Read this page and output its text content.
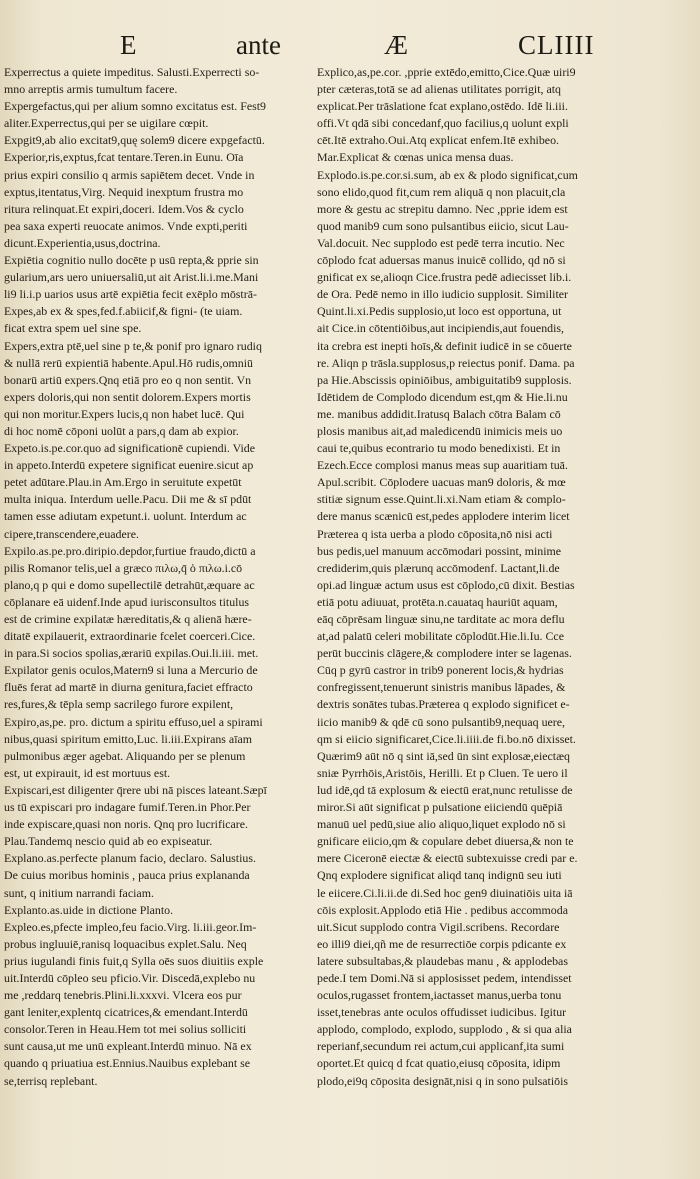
E	ante	Æ	CLIIII
Experrectus a quiete impeditus. Salusti.Experrecti so-
mno arreptis armis tumultum facere.
Expergefactus,qui per alium somno excitatus est. Fest9
aliter.Experrectus,qui per se uigilare cœpit.
Expgit9,ab alio excitat9,quę solem9 dicere expgefactū.
Experior,ris,exptus,fcat tentare.Teren.in Eunu. Oīa
prius expiri consilio q armis sapiētem decet. Vnde in
exptus,itentatus,Virg. Nequid inexptum frustra mo
ritura relinquat.Et expiri,doceri. Idem.Vos & cyclo
pea saxa experti reuocate animos. Vnde expti,periti
dicunt.Experientia,usus,doctrina.
Expiētia cognitio nullo docēte p usū repta,& pprie sin
gularium,ars uero uniuersaliū,ut ait Arist.li.i.me.Mani
li9 li.i.p uarios usus artē expiētia fecit exēplo mōstrā-
Expes,ab ex & spes,fed.f.abiicif,& figni- (te uiam.
ficat extra spem uel sine spe.
Expers,extra ptē,uel sine p te,& ponif pro ignaro rudiq
& nullā rerū expientiā habente.Apul.Hō rudis,omniū
bonarū artiū expers.Qnq etiā pro eo q non sentit. Vn
expers doloris,qui non sentit dolorem.Expers mortis
qui non moritur.Expers lucis,q non habet lucē. Qui
di hoc nomē cōponi uolūt a pars,q dam ab expior.
Expeto.is.pe.cor.quo ad significationē cupiendi. Vide
in appeto.Interdū expetere significat euenire.sicut ap
petet adūtare.Plau.in Am.Ergo in seruitute expetūt
multa iniqua. Interdum uelle.Pacu. Dii me & sī pdūt
tamen esse adiutam expetunt.i. uolunt. Interdum ac
cipere,transcendere,euadere.
Expilo.as.pe.pro.diripio.depdor,furtiue fraudo,dictū a
pilis Romanor telis,uel a græco πιλω,q̄ ὁ πιλω.i.cō
plano,q p qui e domo supellectilē detrahūt,æquare ac
cōplanare eā uidenf.Inde apud iurisconsultos titulus
est de crimine expilatæ hæreditatis,& q alienā hære-
ditatē expilauerit, extraordinarie fcelet coerceri.Cice.
in para.Si socios spolias,ærariū expilas.Oui.li.iii. met.
Expilator genis oculos,Matern9 si luna a Mercurio de
fluēs ferat ad martē in diurna genitura,faciet effracto
res,fures,& tēpla semp sacrilego furore expilent,
Expiro,as,pe. pro. dictum a spiritu effuso,uel a spirami
nibus,quasi spiritum emitto,Luc. li.iii.Expirans aīam
pulmonibus æger agebat. Aliquando per se plenum
est, ut expirauit, id est mortuus est.
Expiscari,est diligenter q̄rere ubi nā pisces lateant.Sæpī
us tū expiscari pro indagare fumif.Teren.in Phor.Per
inde expiscare,quasi non noris. Qnq pro lucrificare.
Plau.Tandemq nescio quid ab eo expiseatur.
Explano.as.perfecte planum facio, declaro. Salustius.
De cuius moribus hominis , pauca prius explananda
sunt, q initium narrandi faciam.
Explanto.as.uide in dictione Planto.
Expleo.es,pfecte impleo,feu facio.Virg. li.iii.geor.Im-
probus ingluuiē,ranisq loquacibus explet.Salu. Neq
prius iugulandi finis fuit,q Sylla oēs suos diuitiis exple
uit.Interdū cōpleo seu pficio.Vir. Discedā,explebo nu
me ,reddarq tenebris.Plini.li.xxxvi. Vlcera eos pur
gant leniter,explentq cicatrices,& emendant.Interdū
consolor.Teren in Heau.Hem tot mei solius solliciti
sunt causa,ut me unū expleant.Interdū minuo. Nā ex
quando q priuatiua est.Ennius.Nauibus explebant se
se,terrisq replebant.
Explico,as,pe.cor. ,pprie extēdo,emitto,Cice.Quæ uiri9
pter cæteras,totā se ad alienas utilitates porrigit, atq
explicat.Per trāslatione fcat explano,ostēdo. Idē li.iii.
offi.Vt qdā sibi concedanf,quo facilius,q uolunt expli
cēt.Itē extraho.Oui.Atq explicat enfem.Itē exhibeo.
Mar.Explicat & cœnas unica mensa duas.
Explodo.is.pe.cor.si.sum, ab ex & plodo significat,cum
sono elido,quod fit,cum rem aliquā q non placuit,cla
more & gestu ac strepitu damno. Nec ,pprie idem est
quod manib9 cum sono pulsantibus eiicio, sicut Lau-
Val.docuit. Nec supplodo est pedē terra incutio. Nec
cōplodo fcat aduersas manus inuicē collido, qd nō si
gnificat ex se,alioqn Cice.frustra pedē adiecisset lib.i.
de Ora. Pedē nemo in illo iudicio supplosit. Similiter
Quint.li.xi.Pedis supplosio,ut loco est opportuna, ut
ait Cice.in cōtentiōibus,aut incipiendis,aut fouendis,
ita crebra est inepti hoīs,& definit iudicē in se cōuerte
re. Aliqn p trāsla.supplosus,p reiectus ponif. Dama. pa
pa Hie.Abscissis opiniōibus, ambiguitatib9 supplosis.
Idētidem de Complodo dicendum est,qm & Hie.li.nu
me. manibus addidit.Iratusq Balach cōtra Balam cō
plosis manibus ait,ad maledicendū inimicis meis uo
caui te,quibus econtrario tu modo benedixisti. Et in
Ezech.Ecce complosi manus meas sup auaritiam tuā.
Apul.scribit. Cōplodere uacuas man9 doloris, & mœ
stitiæ signum esse.Quint.li.xi.Nam etiam & complo-
dere manus scænicū est,pedes applodere interim licet
Præterea q ista uerba a plodo cōposita,nō nisi acti
bus pedis,uel manuum accōmodari possint, minime
crediderim,quis plærunq accōmodenf. Lactant,li.de
opi.ad linguæ actum usus est cōplodo,cū dixit. Bestias
etiā potu adiuuat, protēta.n.cauataq hauriūt aquam,
eāq cōprēsam linguæ sinu,ne tarditate ac mora deflu
at,ad palatū celeri mobilitate cōplodūt.Hie.li.Iu. Cce
perūt buccinis clāgere,& complodere inter se lagenas.
Cūq p gyrū castror in trib9 ponerent locis,& hydrias
confregissent,tenuerunt sinistris manibus lāpades, &
dextris sonātes tubas.Præterea q explodo significet e-
iicio manib9 & qdē cū sono pulsantib9,nequaq uere,
qm si eiicio significaret,Cice.li.iiii.de fi.bo.nō dixisset.
Quærim9 aūt nō q sint iā,sed ūn sint explosæ,eiectæq
sniæ Pyrrhōis,Aristōis, Herilli. Et p Cluen. Te uero il
lud idē,qd tā explosum & eiectū erat,nunc retulisse de
miror.Si aūt significat p pulsatione eiiciendū quēpiā
manuū uel pedū,siue alio aliquo,liquet explodo nō si
gnificare eiicio,qm & copulare debet diuersa,& non te
mere Ciceronē eiectæ & eiectū subtexuisse credi par e.
Qnq explodere significat aliqd tanq indignū seu iuti
le eiicere.Ci.li.ii.de di.Sed hoc gen9 diuinatiōis uita iā
cōis explosit.Applodo etiā Hie . pedibus accommoda
uit.Sicut supplodo contra Vigil.scribens. Recordare
eo illi9 diei,qñ me de resurrectiōe corpis pdicante ex
latere subsultabas,& plaudebas manu , & applodebas
pede.I tem Domi.Nā si applosisset pedem, intendisset
oculos,rugasset frontem,iactasset manus,uerba tonu
isset,tenebras ante oculos offudisset iudicibus. Igitur
applodo, complodo, explodo, supplodo , & si qua alia
reperianf,secundum rei actum,cui applicanf,ita sumi
oportet.Et quicq d fcat quatio,eiusq cōposita, idipm
plodo,ei9q cōposita designāt,nisi q in sono pulsatiōis
